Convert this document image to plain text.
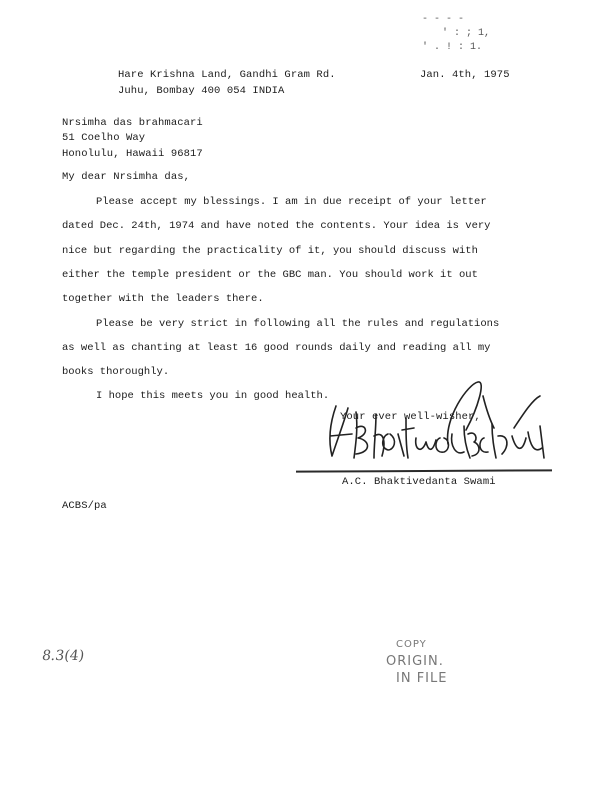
- - - -
' : ; 1,
' . ! : 1.
Hare Krishna Land, Gandhi Gram Rd.
Juhu, Bombay 400 054 INDIA
Jan. 4th, 1975
Nrsimha das brahmacari
51 Coelho Way
Honolulu, Hawaii 96817
My dear Nrsimha das,
Please accept my blessings. I am in due receipt of your letter
dated Dec. 24th, 1974 and have noted the contents. Your idea is very
nice but regarding the practicality of it, you should discuss with
either the temple president or the GBC man. You should work it out
together with the leaders there.
Please be very strict in following all the rules and regulations
as well as chanting at least 16 good rounds daily and reading all my
books thoroughly.
I hope this meets you in good health.
Your ever well-wisher,
A.C. Bhaktivedanta Swami
ACBS/pa
8.3(4)
COPY
ORIGIN.
IN FILE
